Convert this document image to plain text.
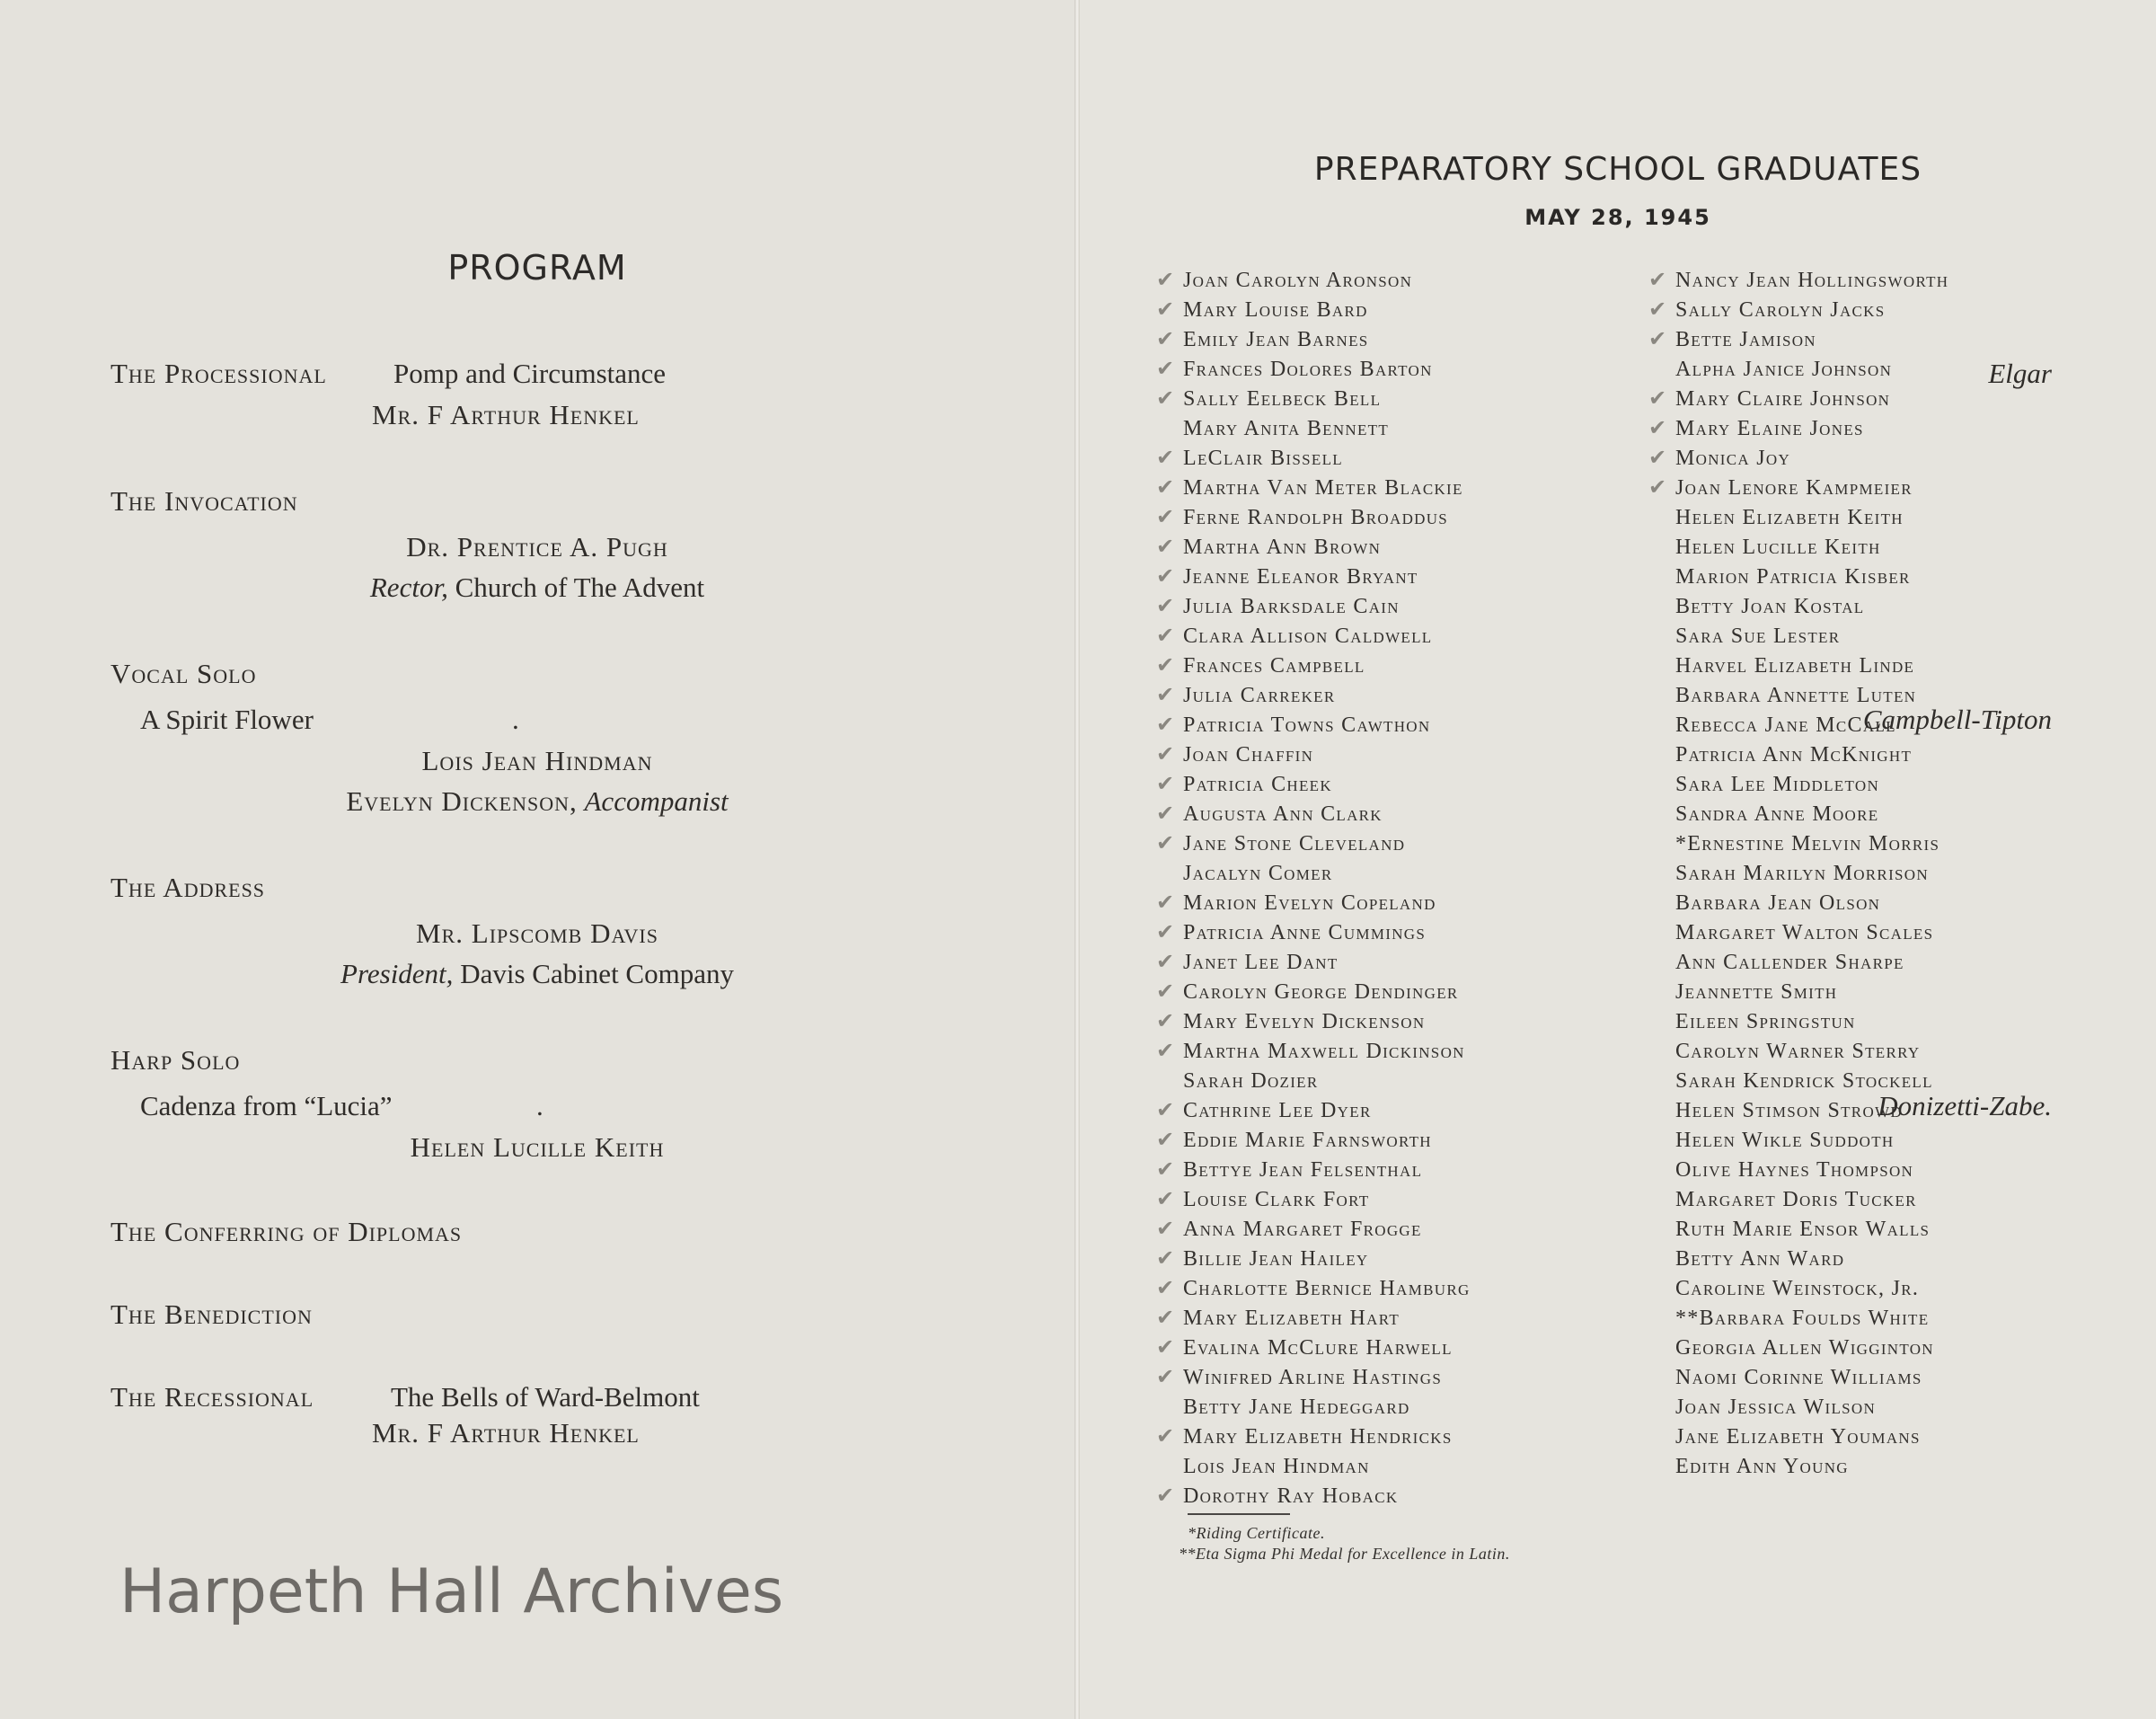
PROGRAM
The Processional Pomp and Circumstance	Elgar
Mr. F Arthur Henkel
The Invocation
Dr. Prentice A. Pugh
Rector, Church of The Advent
Vocal Solo
A Spirit Flower	.	Campbell-Tipton
Lois Jean Hindman
Evelyn Dickenson, Accompanist
The Address
Mr. Lipscomb Davis
President, Davis Cabinet Company
Harp Solo
Cadenza from “Lucia”	.	Donizetti-Zabe.
Helen Lucille Keith
The Conferring of Diplomas
The Benediction
The Recessional	The Bells of Ward-Belmont
Mr. F Arthur Henkel
Harpeth Hall Archives
PREPARATORY SCHOOL GRADUATES
MAY 28, 1945
✔ Joan Carolyn Aronson
✔ Mary Louise Bard
✔ Emily Jean Barnes
✔ Frances Dolores Barton
✔ Sally Eelbeck Bell
Mary Anita Bennett
✔ LeClair Bissell
✔ Martha Van Meter Blackie
✔ Ferne Randolph Broaddus
✔ Martha Ann Brown
✔ Jeanne Eleanor Bryant
✔ Julia Barksdale Cain
✔ Clara Allison Caldwell
✔ Frances Campbell
✔ Julia Carreker
✔ Patricia Towns Cawthon
✔ Joan Chaffin
✔ Patricia Cheek
✔ Augusta Ann Clark
✔ Jane Stone Cleveland
Jacalyn Comer
✔ Marion Evelyn Copeland
✔ Patricia Anne Cummings
✔ Janet Lee Dant
✔ Carolyn George Dendinger
✔ Mary Evelyn Dickenson
✔ Martha Maxwell Dickinson
Sarah Dozier
✔ Cathrine Lee Dyer
✔ Eddie Marie Farnsworth
✔ Bettye Jean Felsenthal
✔ Louise Clark Fort
✔ Anna Margaret Frogge
✔ Billie Jean Hailey
✔ Charlotte Bernice Hamburg
✔ Mary Elizabeth Hart
✔ Evalina McClure Harwell
✔ Winifred Arline Hastings
Betty Jane Hedeggard
✔ Mary Elizabeth Hendricks
Lois Jean Hindman
✔ Dorothy Ray Hoback
✔ Nancy Jean Hollingsworth
✔ Sally Carolyn Jacks
✔ Bette Jamison
Alpha Janice Johnson
✔ Mary Claire Johnson
✔ Mary Elaine Jones
✔ Monica Joy
✔ Joan Lenore Kampmeier
Helen Elizabeth Keith
Helen Lucille Keith
Marion Patricia Kisber
Betty Joan Kostal
Sara Sue Lester
Harvel Elizabeth Linde
Barbara Annette Luten
Rebecca Jane McCall
Patricia Ann McKnight
Sara Lee Middleton
Sandra Anne Moore
*Ernestine Melvin Morris
Sarah Marilyn Morrison
Barbara Jean Olson
Margaret Walton Scales
Ann Callender Sharpe
Jeannette Smith
Eileen Springstun
Carolyn Warner Sterry
Sarah Kendrick Stockell
Helen Stimson Strowd
Helen Wikle Suddoth
Olive Haynes Thompson
Margaret Doris Tucker
Ruth Marie Ensor Walls
Betty Ann Ward
Caroline Weinstock, Jr.
**Barbara Foulds White
Georgia Allen Wigginton
Naomi Corinne Williams
Joan Jessica Wilson
Jane Elizabeth Youmans
Edith Ann Young
*Riding Certificate.
**Eta Sigma Phi Medal for Excellence in Latin.
